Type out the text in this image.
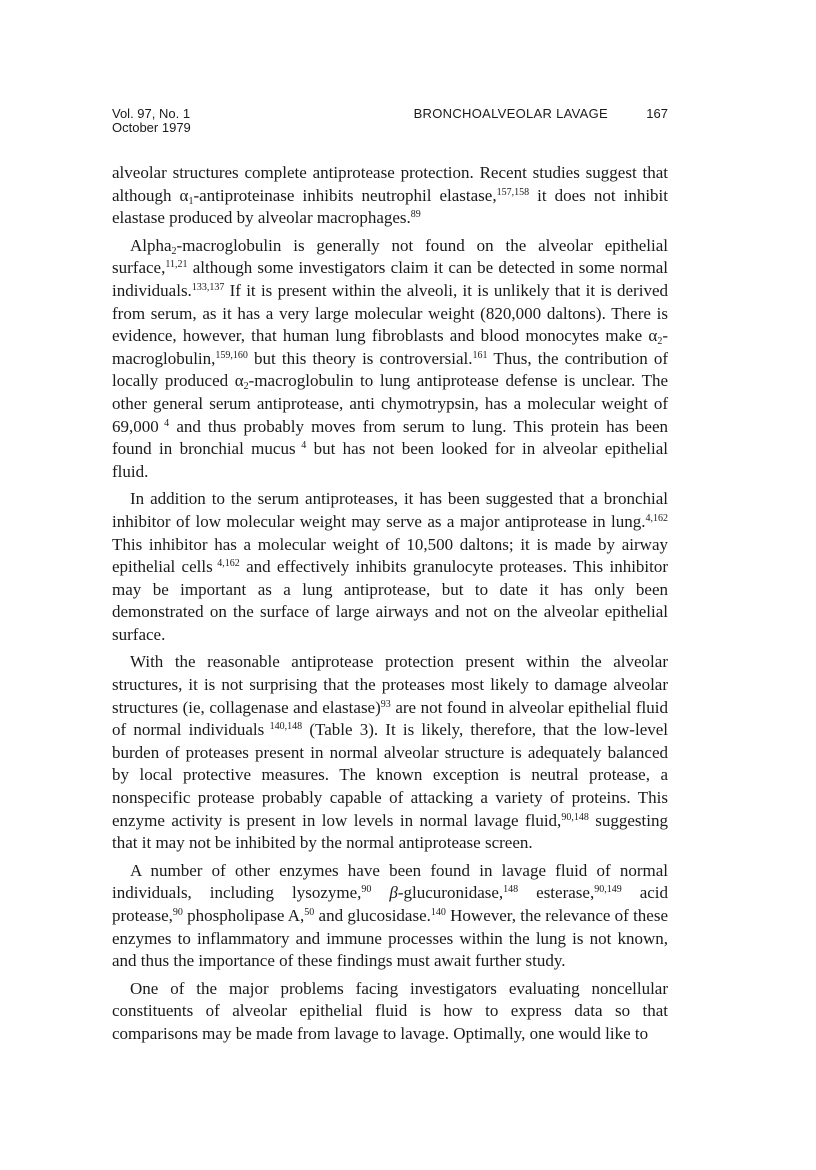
Vol. 97, No. 1
October 1979
BRONCHOALVEOLAR LAVAGE	167

alveolar structures complete antiprotease protection. Recent studies suggest that although $\alpha_1$-antiproteinase inhibits neutrophil elastase,$^{157,158}$ it does not inhibit elastase produced by alveolar macrophages.$^{89}$

Alpha$_2$-macroglobulin is generally not found on the alveolar epithelial surface,$^{11,21}$ although some investigators claim it can be detected in some normal individuals.$^{133,137}$ If it is present within the alveoli, it is unlikely that it is derived from serum, as it has a very large molecular weight (820,000 daltons). There is evidence, however, that human lung fibroblasts and blood monocytes make $\alpha_2-macroglobulin,^{159,160}$ but this theory is controversial.$^{161}$ Thus, the contribution of locally produced $\alpha_2$-macroglobulin to lung antiprotease defense is unclear. The other general serum antiprotease, anti chymotrypsin, has a molecular weight of 69,000 $^4$ and thus probably moves from serum to lung. This protein has been found in bronchial mucus $^4$ but has not been looked for in alveolar epithelial fluid.

In addition to the serum antiproteases, it has been suggested that a bronchial inhibitor of low molecular weight may serve as a major antiprotease in lung.$^{4,162}$ This inhibitor has a molecular weight of 10,500 daltons; it is made by airway epithelial cells $^{4,162}$ and effectively inhibits granulocyte proteases. This inhibitor may be important as a lung antiprotease, but to date it has only been demonstrated on the surface of large airways and not on the alveolar epithelial surface.

With the reasonable antiprotease protection present within the alveolar structures, it is not surprising that the proteases most likely to damage alveolar structures (ie, collagenase and elastase)$^{93}$ are not found in alveolar epithelial fluid of normal individuals $^{140,148}$ (Table 3). It is likely, therefore, that the low-level burden of proteases present in normal alveolar structure is adequately balanced by local protective measures. The known exception is neutral protease, a nonspecific protease probably capable of attacking a variety of proteins. This enzyme activity is present in low levels in normal lavage fluid,$^{90,148}$ suggesting that it may not be inhibited by the normal antiprotease screen.

A number of other enzymes have been found in lavage fluid of normal individuals, including lysozyme,$^{90}$ β-glucuronidase,$^{148}$ esterase,$^{90,149}$ acid protease,$^{90}$ phospholipase A,$^{50}$ and glucosidase.$^{140}$ However, the relevance of these enzymes to inflammatory and immune processes within the lung is not known, and thus the importance of these findings must await further study.

One of the major problems facing investigators evaluating noncellular constituents of alveolar epithelial fluid is how to express data so that comparisons may be made from lavage to lavage. Optimally, one would like to
